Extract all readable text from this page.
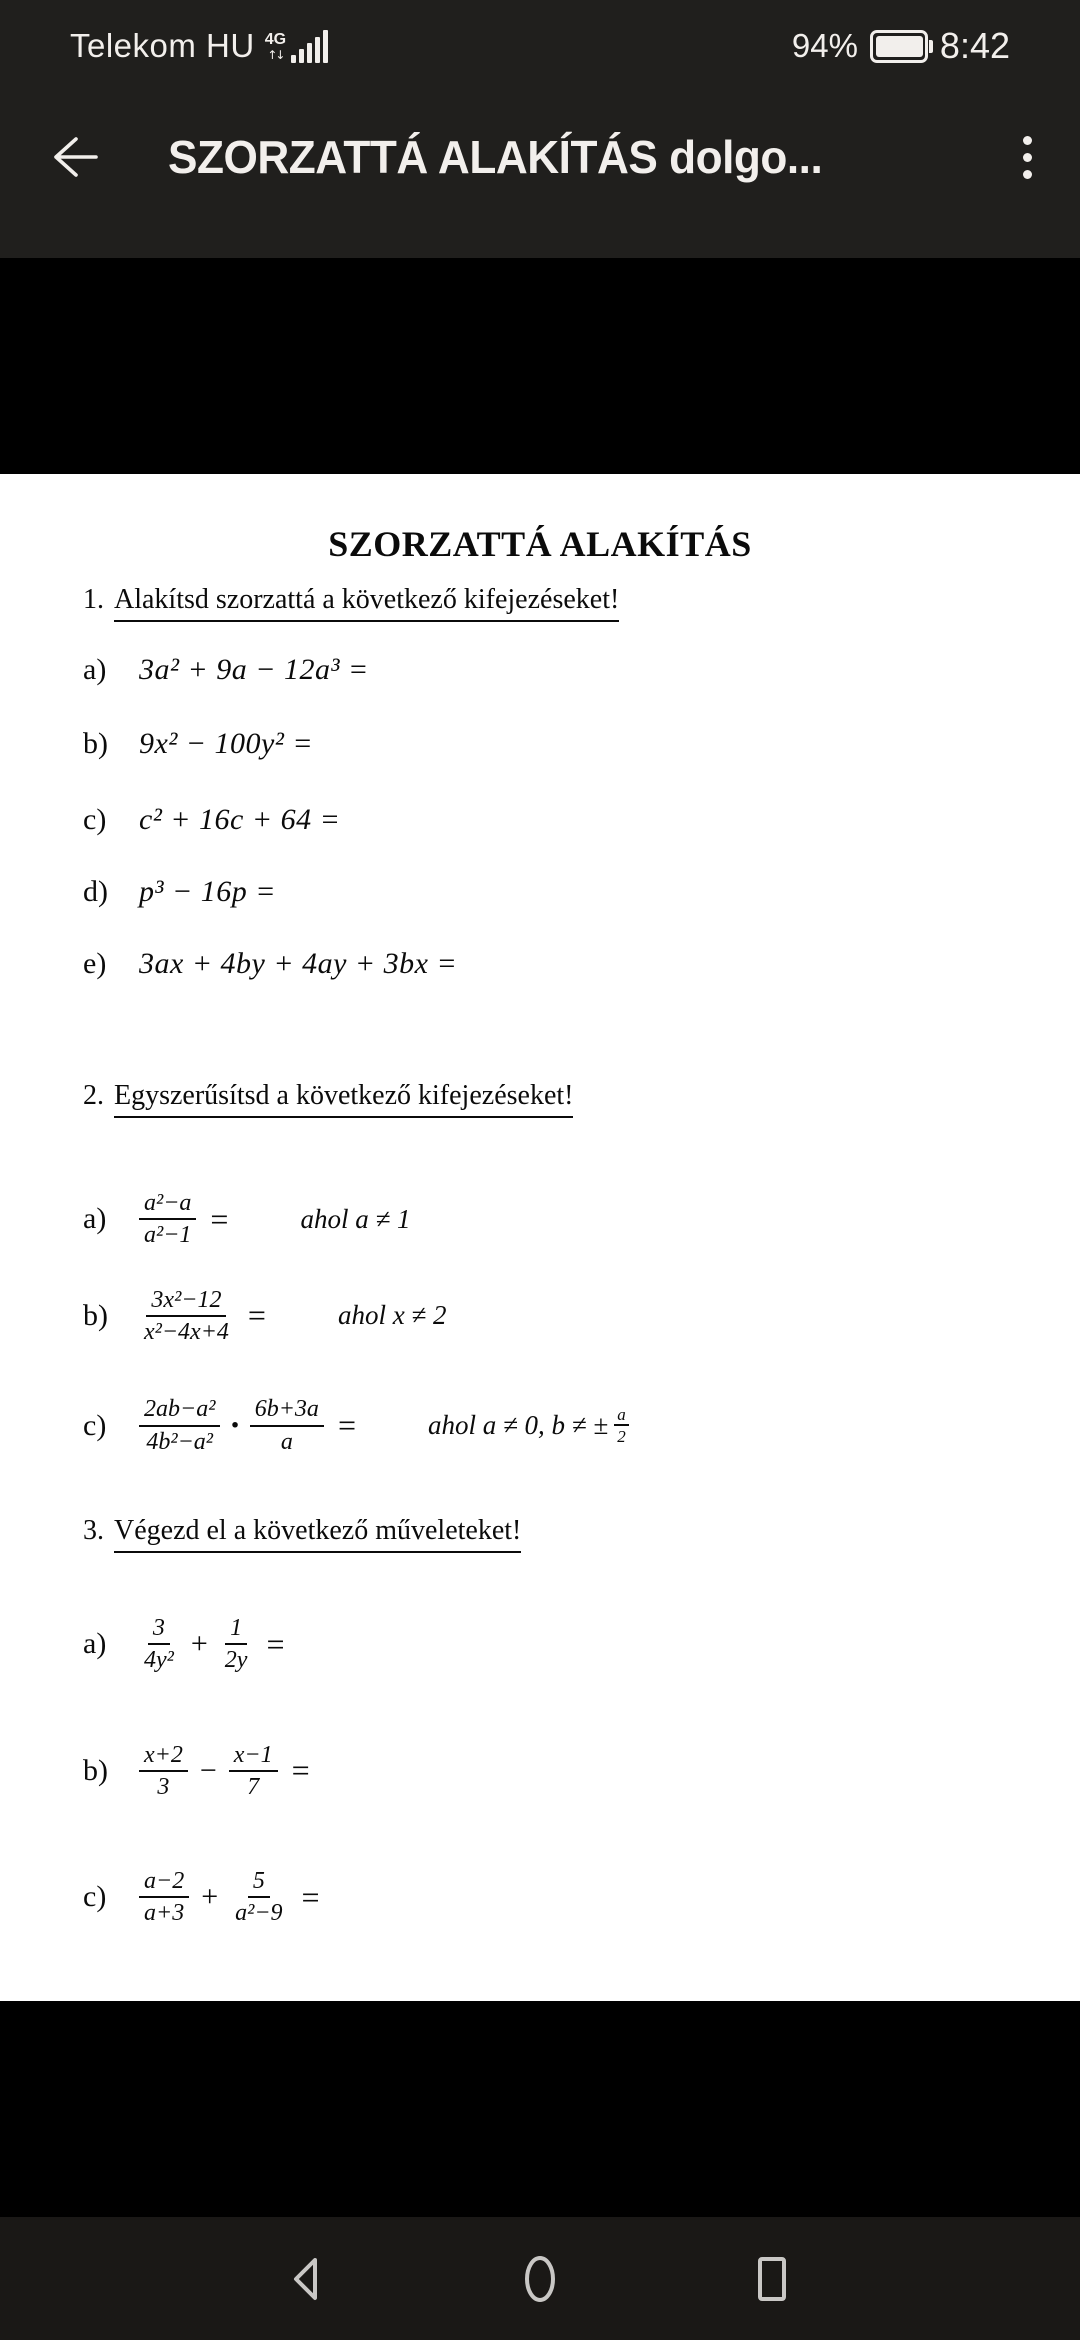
Telekom HU 4G
↑↓	94% 8:42
SZORZATTÁ ALAKÍTÁS dolgo...
SZORZATTÁ ALAKÍTÁS
1. Alakítsd szorzattá a következő kifejezéseket!
a)	3a² + 9a − 12a³ =
b)	9x² − 100y² =
c)	c² + 16c + 64 =
d)	p³ − 16p =
e)	3ax + 4by + 4ay + 3bx =
2. Egyszerűsítsd a következő kifejezéseket!
a)	$\frac{\text{a²−a}}{\text{a²−1}}$ =	ahol a ≠ 1
b)	$\frac{\text{3x²−12}}{\text{x²−4x+4}}$ =	ahol x ≠ 2
c)	$\frac{\text{2ab−a²}}{\text{4b²−a²}} \cdot \frac{6b+3a}{a}$ =	ahol a ≠ 0, b ≠ ± $\frac{a}{2}$
3. Végezd el a következő műveleteket!
a)	$\frac{3}{\text{4y²}} + \frac{1}{2y}$ =
b)	$\frac{x+2}{3} - \frac{x-1}{7}$ =
c)	$\frac{a-2}{a+3} + \frac{5}{\text{a²−9}}$ =
